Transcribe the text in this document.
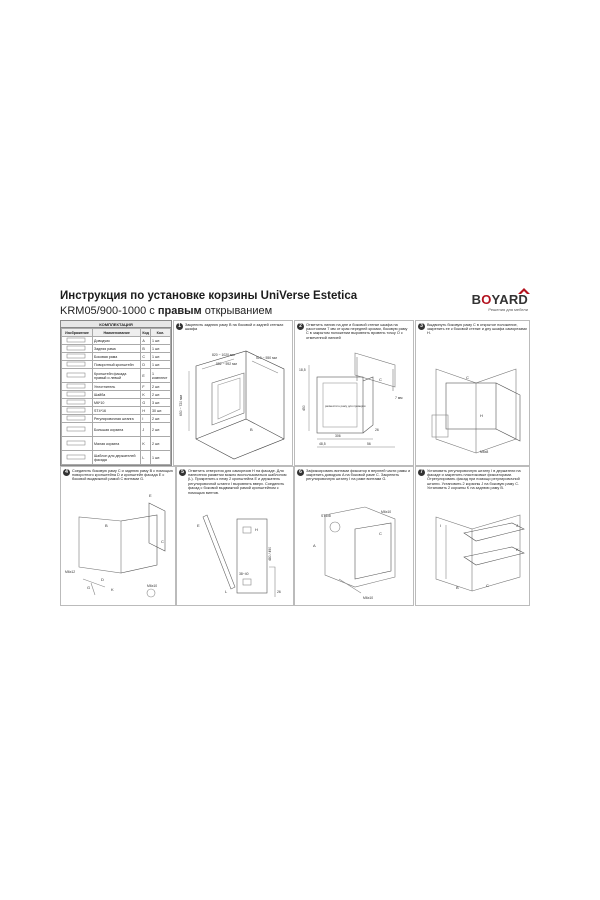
Инструкция по установке корзины UniVerse Estetica
KRM05/900-1000 с правым открыванием
BOYARD
Решения для мебели
КОМПЛЕКТАЦИЯ
Изображение	Наименование	Код	Кол.
	Доводчик	A	1 шт.
	Задняя рама	B	1 шт.
	Боковая рама	C	1 шт.
	Поворотный кронштейн	D	1 шт.
	Кронштейн фасада правый и левый	E	1 комплект
	Уплотнитель	F	2 шт.
	Шайба	K	2 шт.
	M6*10	G	3 шт.
	ST4*16	H	30 шт.
	Регулировочная штанга	I	2 шт.
	Большая корзина	J	2 шт.
	Малая корзина	K	2 шт.
	Шаблон для держателей фасада	L	1 шт.
1	Закрепить заднюю раму B на боковой и задней стенках шкафа
820 ~ 1020 мм
582 ~ 592 мм
510 ~ 550 мм
650 ~ 720 мм
B
2	Отметить линию на дне и боковой стенке шкафа на расстоянии 7 мм от края передней кромки, боковую раму C в закрытом положении выровнять вровень точку O с отмеченной линией
C
7 мм
разместите раму для проверки
18,5
450
306
48,5	56
26
3	Выдвинуть боковую раму C в открытое положение, закрепить ее к боковой стенке и дну шкафа саморезами H.
C
H
M6x8
4	Соединить боковую раму C и заднюю раму B с помощью поворотного кронштейна D и кронштейн фасада E с боковой выдвижной рамой C винтами G.
E
B
C
D
G	K
M6x12
M6x10
5	Отметить отверстия для саморезов H на фасаде. Для нанесения разметки можно воспользоваться шаблоном (L). Прикрепить к нему 2 кронштейна E и держатель регулировочной штанги I выровнять вверх. Соединить фасад с боковой выдвижной рамой кронштейном с помощью винтов.
E
L
H
38~40
480 / 490
26
6	Зафиксировать винтами фиксатор в верхней части рамы и закрепить доводчик A на боковой раме C. Закрепить регулировочную штангу I на раме винтами G.
ST4x8
A
C
M6x10
M6x10
7	Установить регулировочную штангу I в держатели на фасаде и закрепить пластиковые фиксаторами. Отрегулировать фасад при помощи регулировочной штанги. Установить 2 корзины J на боковую раму C. Установить 2 корзины K на заднюю раму B.
I	J
K
C
B
